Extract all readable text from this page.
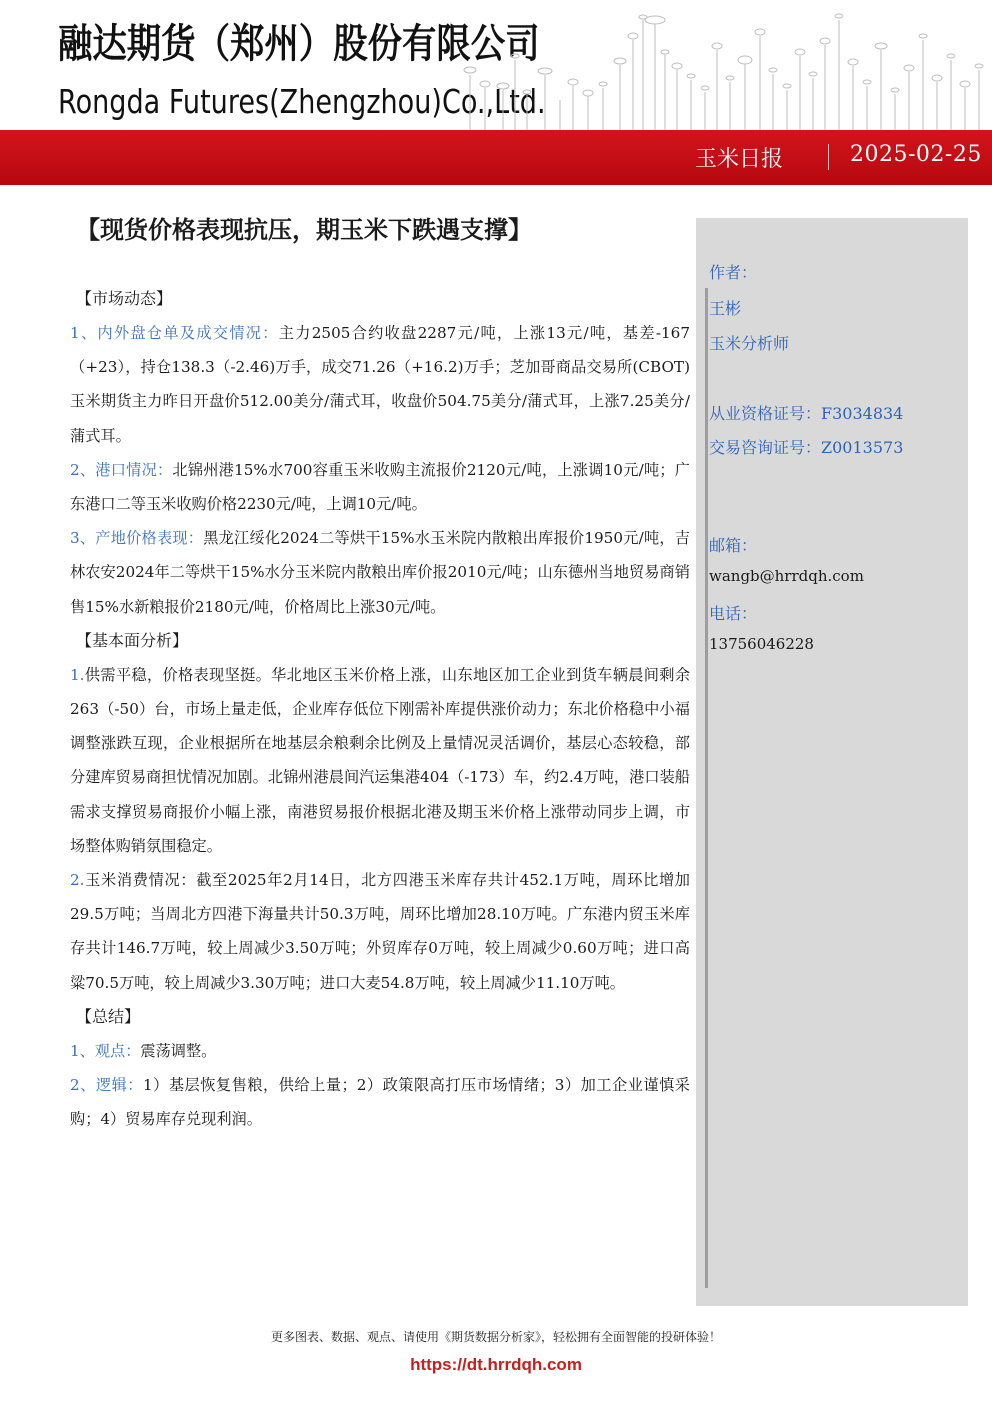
融达期货（郑州）股份有限公司
Rongda Futures(Zhengzhou)Co.,Ltd.
玉米日报	2025-02-25
【现货价格表现抗压，期玉米下跌遇支撑】
【市场动态】
1、内外盘仓单及成交情况：主力2505合约收盘2287元/吨，上涨13元/吨，基差-167（+23），持仓138.3（-2.46)万手，成交71.26（+16.2)万手；芝加哥商品交易所(CBOT)玉米期货主力昨日开盘价512.00美分/蒲式耳，收盘价504.75美分/蒲式耳，上涨7.25美分/蒲式耳。
2、港口情况：北锦州港15%水700容重玉米收购主流报价2120元/吨，上涨调10元/吨；广东港口二等玉米收购价格2230元/吨，上调10元/吨。
3、产地价格表现：黑龙江绥化2024二等烘干15%水玉米院内散粮出库报价1950元/吨，吉林农安2024年二等烘干15%水分玉米院内散粮出库价报2010元/吨；山东德州当地贸易商销售15%水新粮报价2180元/吨，价格周比上涨30元/吨。
【基本面分析】
1.供需平稳，价格表现坚挺。华北地区玉米价格上涨，山东地区加工企业到货车辆晨间剩余263（-50）台，市场上量走低，企业库存低位下刚需补库提供涨价动力；东北价格稳中小福调整涨跌互现，企业根据所在地基层余粮剩余比例及上量情况灵活调价，基层心态较稳，部分建库贸易商担忧情况加剧。北锦州港晨间汽运集港404（-173）车，约2.4万吨，港口装船需求支撑贸易商报价小幅上涨，南港贸易报价根据北港及期玉米价格上涨带动同步上调，市场整体购销氛围稳定。
2.玉米消费情况：截至2025年2月14日，北方四港玉米库存共计452.1万吨，周环比增加29.5万吨；当周北方四港下海量共计50.3万吨，周环比增加28.10万吨。广东港内贸玉米库存共计146.7万吨，较上周减少3.50万吨；外贸库存0万吨，较上周减少0.60万吨；进口高粱70.5万吨，较上周减少3.30万吨；进口大麦54.8万吨，较上周减少11.10万吨。
【总结】
1、观点：震荡调整。
2、逻辑：1）基层恢复售粮，供给上量；2）政策限高打压市场情绪；3）加工企业谨慎采购；4）贸易库存兑现利润。
作者：
王彬
玉米分析师
从业资格证号：F3034834
交易咨询证号：Z0013573
邮箱：
wangb@hrrdqh.com
电话：
13756046228
更多图表、数据、观点、请使用《期货数据分析家》，轻松拥有全面智能的投研体验！
https://dt.hrrdqh.com
